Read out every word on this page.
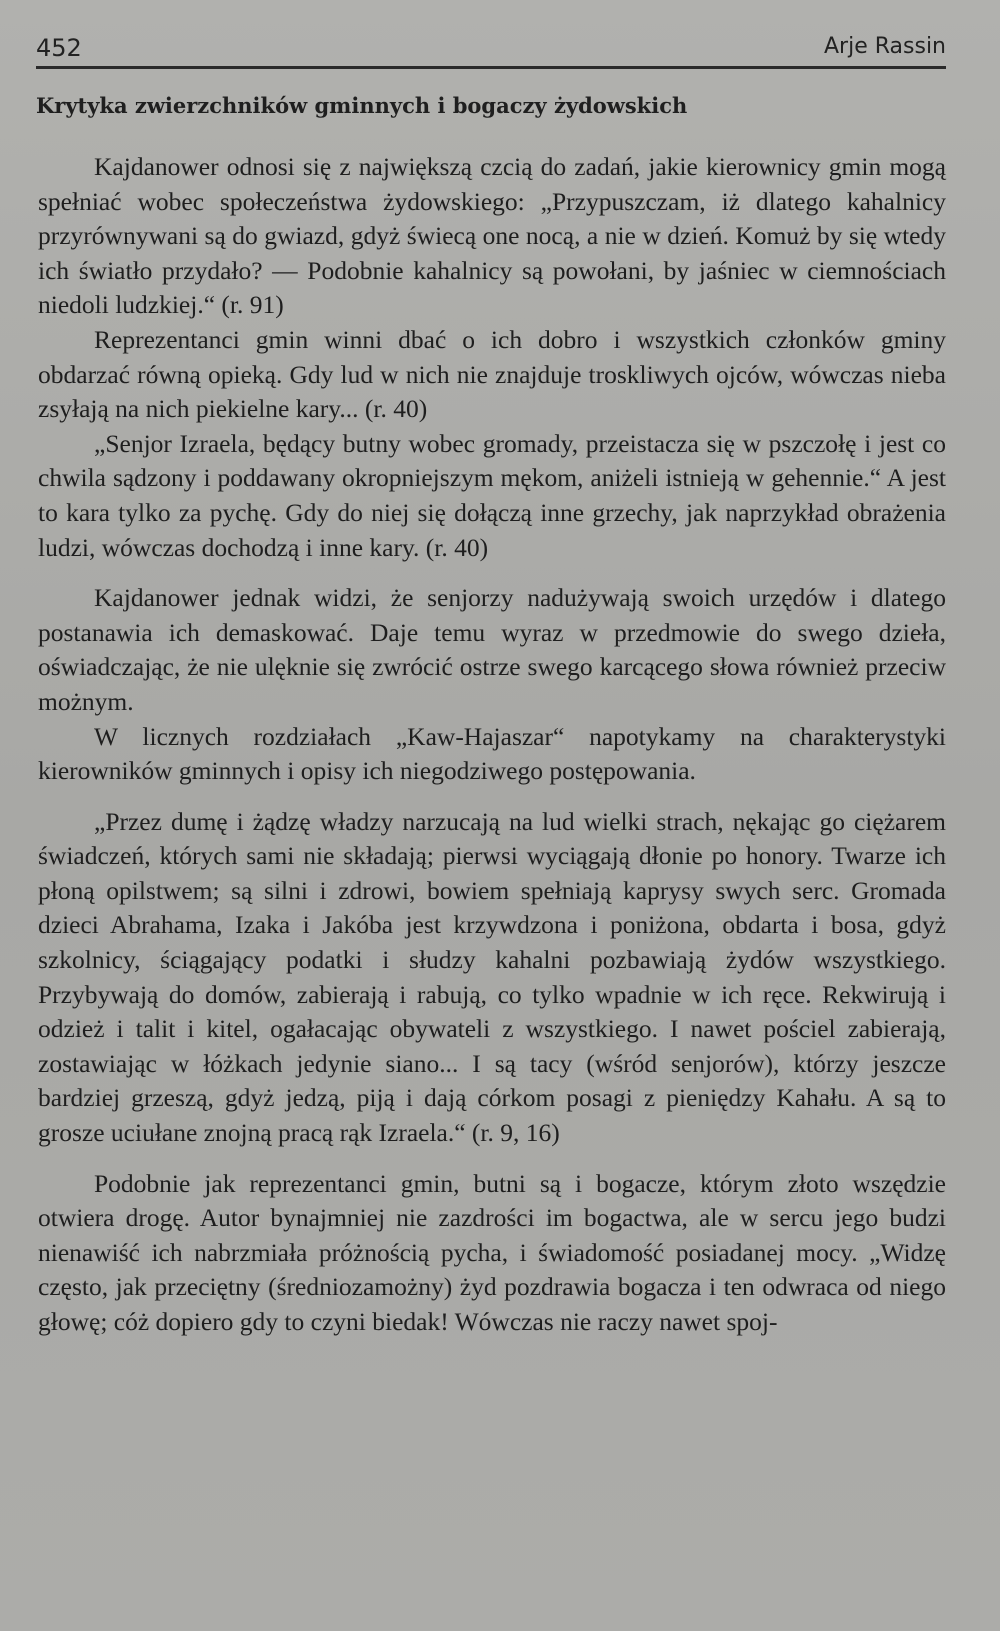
452	Arje Rassin
Krytyka zwierzchników gminnych i bogaczy żydowskich

Kajdanower odnosi się z największą czcią do zadań, jakie kierownicy gmin mogą spełniać wobec społeczeństwa żydowskiego: „Przypuszczam, iż dlatego kahalnicy przyrównywani są do gwiazd, gdyż świecą one nocą, a nie w dzień. Komuż by się wtedy ich światło przydało? — Podobnie kahalnicy są powołani, by jaśniec w ciemnościach niedoli ludzkiej.“ (r. 91)

Reprezentanci gmin winni dbać o ich dobro i wszystkich członków gminy obdarzać równą opieką. Gdy lud w nich nie znajduje troskliwych ojców, wówczas nieba zsyłają na nich piekielne kary... (r. 40)

„Senjor Izraela, będący butny wobec gromady, przeistacza się w pszczołę i jest co chwila sądzony i poddawany okropniejszym mękom, aniżeli istnieją w gehennie.“ A jest to kara tylko za pychę. Gdy do niej się dołączą inne grzechy, jak naprzykład obrażenia ludzi, wówczas dochodzą i inne kary. (r. 40)

Kajdanower jednak widzi, że senjorzy nadużywają swoich urzędów i dlatego postanawia ich demaskować. Daje temu wyraz w przedmowie do swego dzieła, oświadczając, że nie ulęknie się zwrócić ostrze swego karcącego słowa również przeciw możnym.

W licznych rozdziałach „Kaw-Hajaszar“ napotykamy na charakterystyki kierowników gminnych i opisy ich niegodziwego postępowania.

„Przez dumę i żądzę władzy narzucają na lud wielki strach, nękając go ciężarem świadczeń, których sami nie składają; pierwsi wyciągają dłonie po honory. Twarze ich płoną opilstwem; są silni i zdrowi, bowiem spełniają kaprysy swych serc. Gromada dzieci Abrahama, Izaka i Jakóba jest krzywdzona i poniżona, obdarta i bosa, gdyż szkolnicy, ściągający podatki i słudzy kahalni pozbawiają żydów wszystkiego. Przybywają do domów, zabierają i rabują, co tylko wpadnie w ich ręce. Rekwirują i odzież i talit i kitel, ogałacając obywateli z wszystkiego. I nawet pościel zabierają, zostawiając w łóżkach jedynie siano... I są tacy (wśród senjorów), którzy jeszcze bardziej grzeszą, gdyż jedzą, piją i dają córkom posagi z pieniędzy Kahału. A są to grosze uciułane znojną pracą rąk Izraela.“ (r. 9, 16)

Podobnie jak reprezentanci gmin, butni są i bogacze, którym złoto wszędzie otwiera drogę. Autor bynajmniej nie zazdrości im bogactwa, ale w sercu jego budzi nienawiść ich nabrzmiała próżnością pycha, i świadomość posiadanej mocy. „Widzę często, jak przeciętny (średniozamożny) żyd pozdrawia bogacza i ten odwraca od niego głowę; cóż dopiero gdy to czyni biedak! Wówczas nie raczy nawet spoj-
